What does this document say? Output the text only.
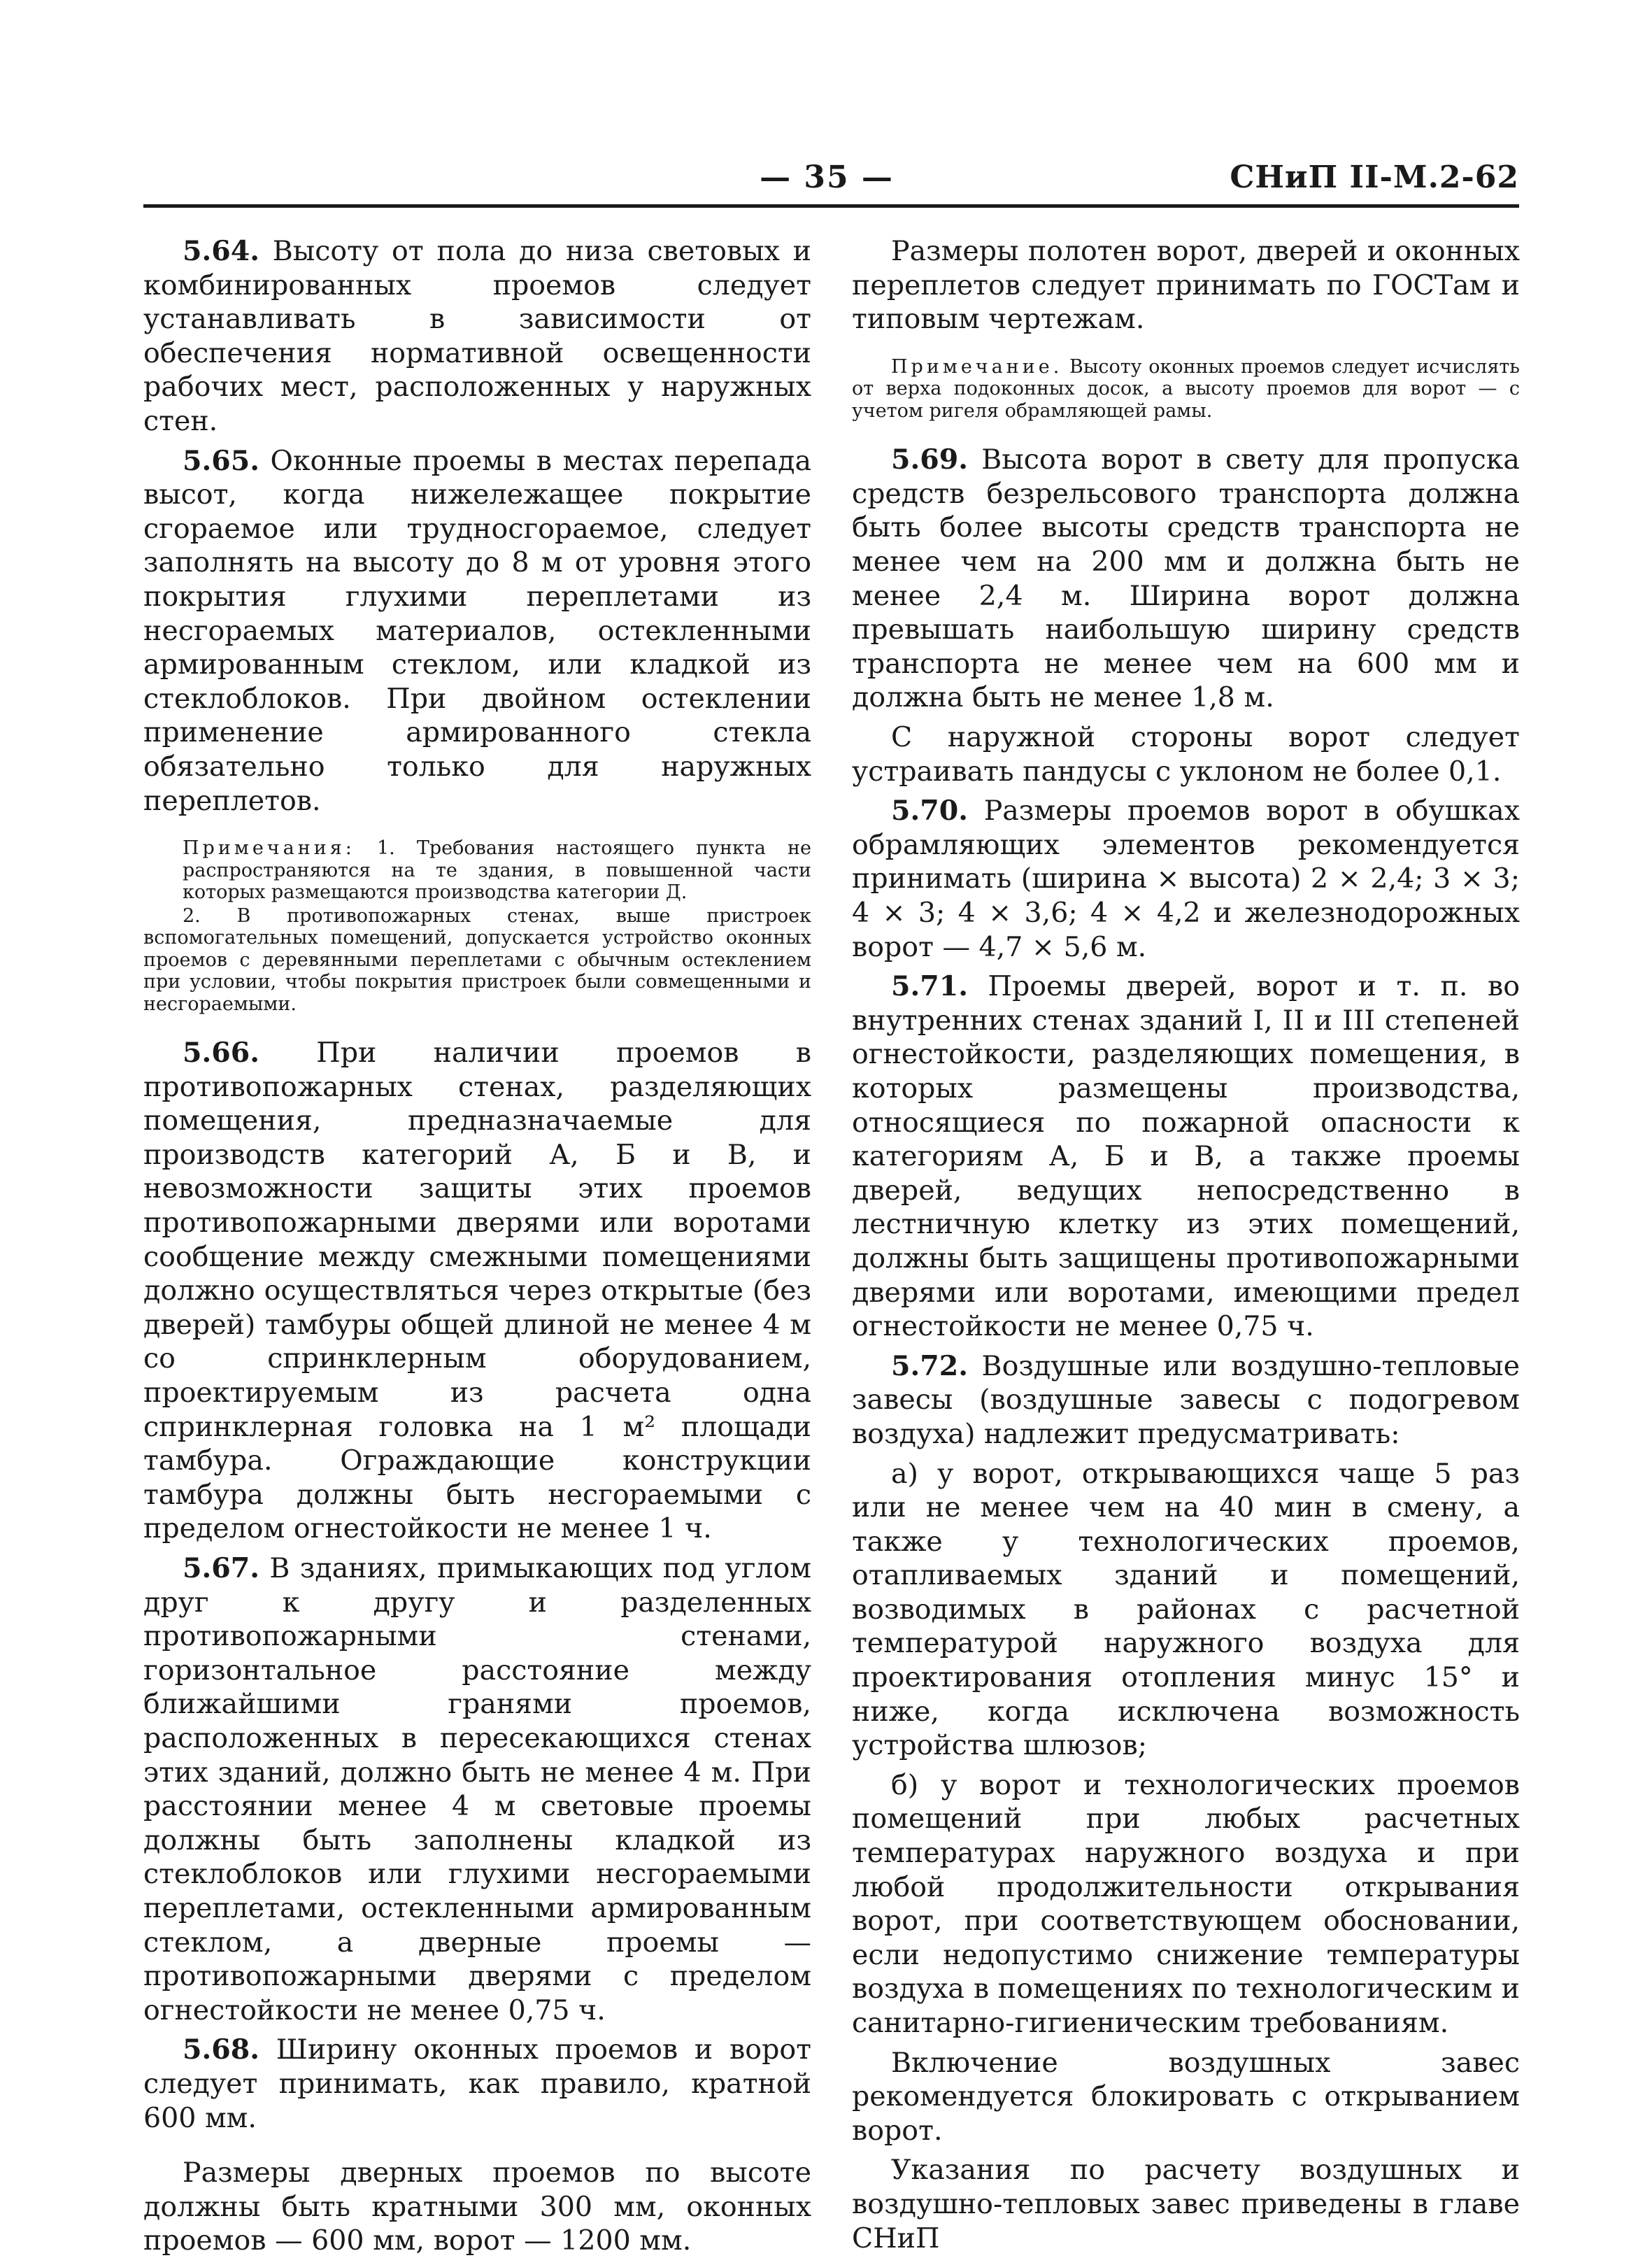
— 35 —	СНиП II-М.2-62

5.64. Высоту от пола до низа световых и комбинированных проемов следует устанавливать в зависимости от обеспечения нормативной освещенности рабочих мест, расположенных у наружных стен.

5.65. Оконные проемы в местах перепада высот, когда нижележащее покрытие сгораемое или трудносгораемое, следует заполнять на высоту до 8 м от уровня этого покрытия глухими переплетами из несгораемых материалов, остекленными армированным стеклом, или кладкой из стеклоблоков. При двойном остеклении применение армированного стекла обязательно только для наружных переплетов.

Примечания: 1. Требования настоящего пункта не распространяются на те здания, в повышенной части которых размещаются производства категории Д.
2. В противопожарных стенах, выше пристроек вспомогательных помещений, допускается устройство оконных проемов с деревянными переплетами с обычным остеклением при условии, чтобы покрытия пристроек были совмещенными и несгораемыми.

5.66. При наличии проемов в противопожарных стенах, разделяющих помещения, предназначаемые для производств категорий А, Б и В, и невозможности защиты этих проемов противопожарными дверями или воротами сообщение между смежными помещениями должно осуществляться через открытые (без дверей) тамбуры общей длиной не менее 4 м со спринклерным оборудованием, проектируемым из расчета одна спринклерная головка на 1 м² площади тамбура. Ограждающие конструкции тамбура должны быть несгораемыми с пределом огнестойкости не менее 1 ч.

5.67. В зданиях, примыкающих под углом друг к другу и разделенных противопожарными стенами, горизонтальное расстояние между ближайшими гранями проемов, расположенных в пересекающихся стенах этих зданий, должно быть не менее 4 м. При расстоянии менее 4 м световые проемы должны быть заполнены кладкой из стеклоблоков или глухими несгораемыми переплетами, остекленными армированным стеклом, а дверные проемы — противопожарными дверями с пределом огнестойкости не менее 0,75 ч.

5.68. Ширину оконных проемов и ворот следует принимать, как правило, кратной 600 мм.

Размеры дверных проемов по высоте должны быть кратными 300 мм, оконных проемов — 600 мм, ворот — 1200 мм.

Размеры полотен ворот, дверей и оконных переплетов следует принимать по ГОСТам и типовым чертежам.

Примечание. Высоту оконных проемов следует исчислять от верха подоконных досок, а высоту проемов для ворот — с учетом ригеля обрамляющей рамы.

5.69. Высота ворот в свету для пропуска средств безрельсового транспорта должна быть более высоты средств транспорта не менее чем на 200 мм и должна быть не менее 2,4 м. Ширина ворот должна превышать наибольшую ширину средств транспорта не менее чем на 600 мм и должна быть не менее 1,8 м.

С наружной стороны ворот следует устраивать пандусы с уклоном не более 0,1.

5.70. Размеры проемов ворот в обушках обрамляющих элементов рекомендуется принимать (ширина × высота) 2 × 2,4; 3 × 3; 4 × 3; 4 × 3,6; 4 × 4,2 и железнодорожных ворот — 4,7 × 5,6 м.

5.71. Проемы дверей, ворот и т. п. во внутренних стенах зданий I, II и III степеней огнестойкости, разделяющих помещения, в которых размещены производства, относящиеся по пожарной опасности к категориям А, Б и В, а также проемы дверей, ведущих непосредственно в лестничную клетку из этих помещений, должны быть защищены противопожарными дверями или воротами, имеющими предел огнестойкости не менее 0,75 ч.

5.72. Воздушные или воздушно-тепловые завесы (воздушные завесы с подогревом воздуха) надлежит предусматривать:

а) у ворот, открывающихся чаще 5 раз или не менее чем на 40 мин в смену, а также у технологических проемов, отапливаемых зданий и помещений, возводимых в районах с расчетной температурой наружного воздуха для проектирования отопления минус 15° и ниже, когда исключена возможность устройства шлюзов;

б) у ворот и технологических проемов помещений при любых расчетных температурах наружного воздуха и при любой продолжительности открывания ворот, при соответствующем обосновании, если недопустимо снижение температуры воздуха в помещениях по технологическим и санитарно-гигиеническим требованиям.

Включение воздушных завес рекомендуется блокировать с открыванием ворот.

Указания по расчету воздушных и воздушно-тепловых завес приведены в главе СНиП
